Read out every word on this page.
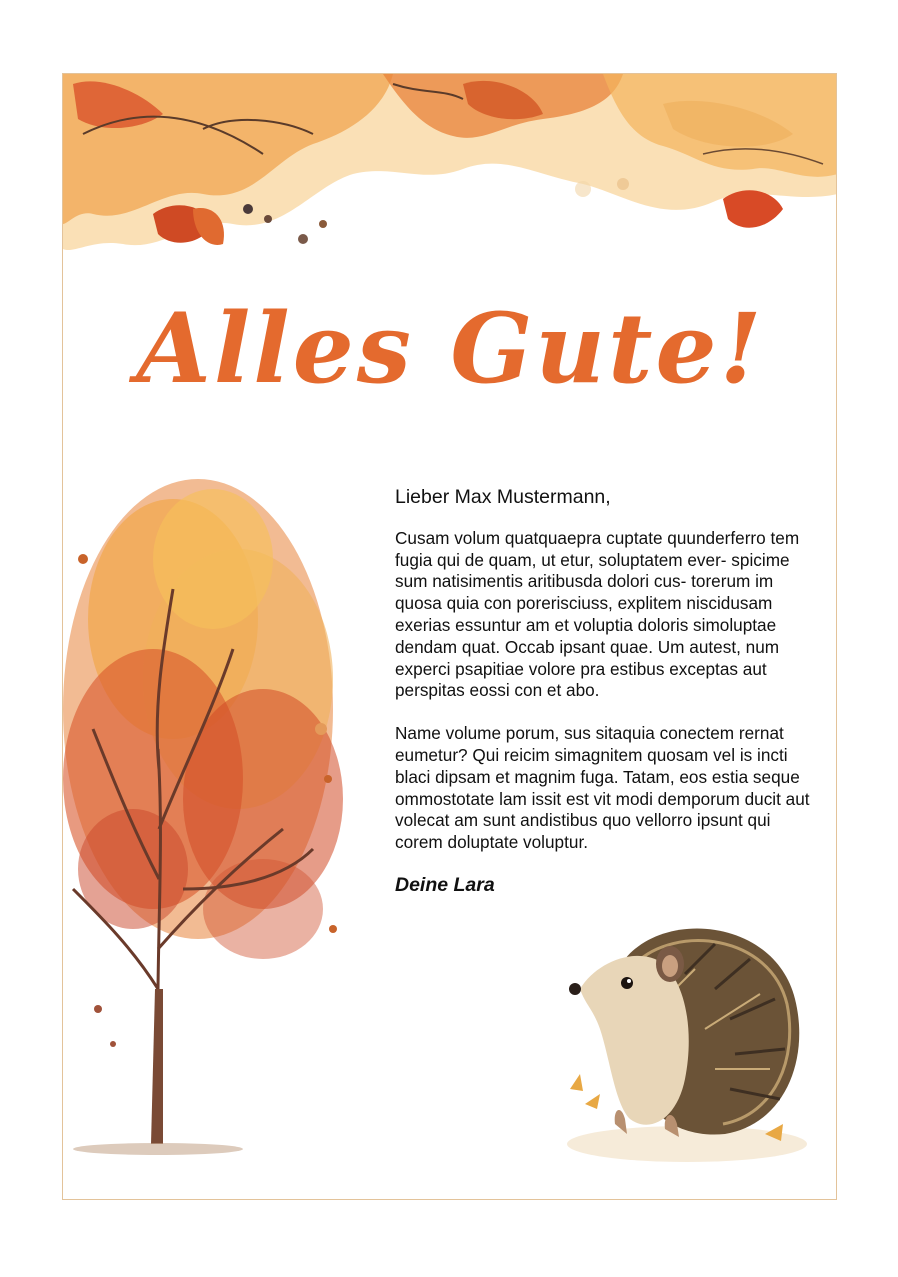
Alles Gute!

Lieber Max Mustermann,

Cusam volum quatquaepra cuptate quunderferro tem fugia qui de quam, ut etur, soluptatem ever- spicime sum natisimentis aritibusda dolori cus- torerum im quosa quia con porerisciuss, explitem niscidusam exerias essuntur am et voluptia doloris simoluptae dendam quat. Occab ipsant quae. Um autest, num experci psapitiae volore pra estibus exceptas aut perspitas eossi con et abo.

Name volume porum, sus sitaquia conectem rernat eumetur? Qui reicim simagnitem quosam vel is incti blaci dipsam et magnim fuga. Tatam, eos estia seque ommostotate lam issit est vit modi demporum ducit aut volecat am sunt andistibus quo vellorro ipsunt qui corem doluptate voluptur.

Deine Lara
